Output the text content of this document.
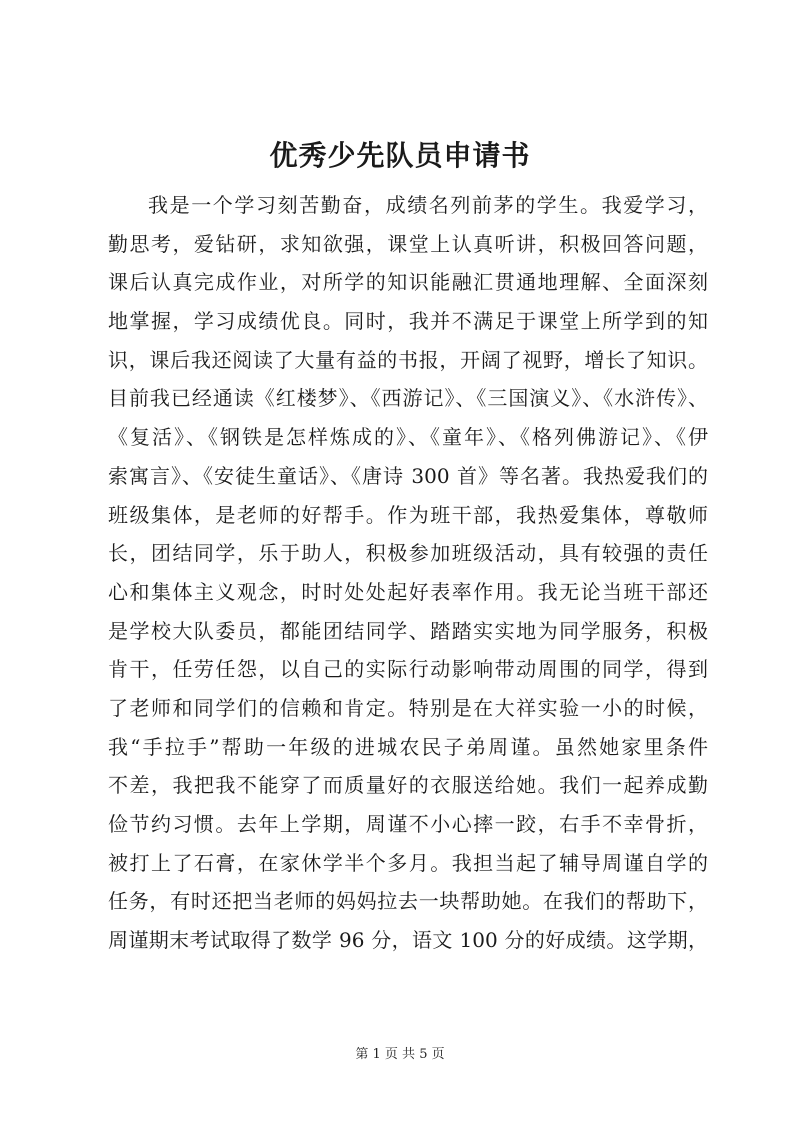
优秀少先队员申请书
我是一个学习刻苦勤奋，成绩名列前茅的学生。我爱学习，
勤思考，爱钻研，求知欲强，课堂上认真听讲，积极回答问题，
课后认真完成作业，对所学的知识能融汇贯通地理解、全面深刻
地掌握，学习成绩优良。同时，我并不满足于课堂上所学到的知
识，课后我还阅读了大量有益的书报，开阔了视野，增长了知识。
目前我已经通读《红楼梦》、《西游记》、《三国演义》、《水浒传》、
《复活》、《钢铁是怎样炼成的》、《童年》、《格列佛游记》、《伊
索寓言》、《安徒生童话》、《唐诗 300 首》等名著。我热爱我们的
班级集体，是老师的好帮手。作为班干部，我热爱集体，尊敬师
长，团结同学，乐于助人，积极参加班级活动，具有较强的责任
心和集体主义观念，时时处处起好表率作用。我无论当班干部还
是学校大队委员，都能团结同学、踏踏实实地为同学服务，积极
肯干，任劳任怨，以自己的实际行动影响带动周围的同学，得到
了老师和同学们的信赖和肯定。特别是在大祥实验一小的时候，
我“手拉手”帮助一年级的进城农民子弟周谨。虽然她家里条件
不差，我把我不能穿了而质量好的衣服送给她。我们一起养成勤
俭节约习惯。去年上学期，周谨不小心摔一跤，右手不幸骨折，
被打上了石膏，在家休学半个多月。我担当起了辅导周谨自学的
任务，有时还把当老师的妈妈拉去一块帮助她。在我们的帮助下，
周谨期末考试取得了数学 96 分，语文 100 分的好成绩。这学期，
第 1 页 共 5 页
